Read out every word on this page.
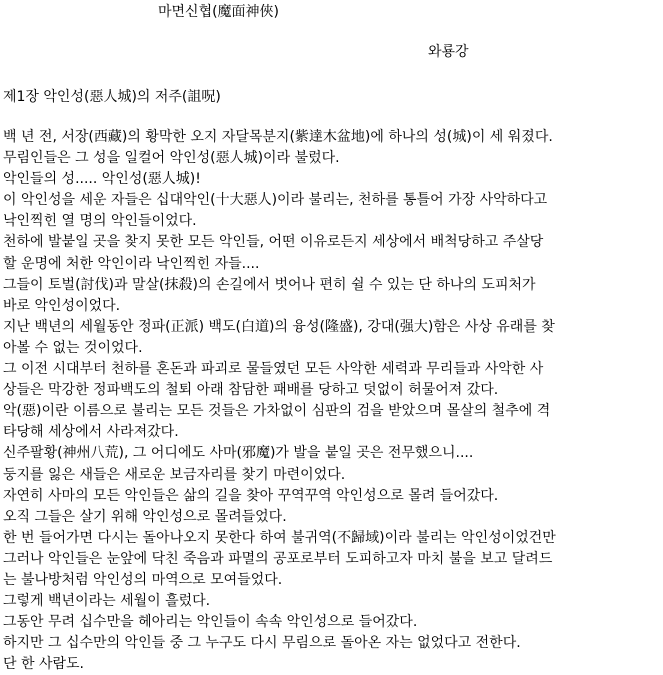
마면신협(魔面神俠)
와룡강
제1장 악인성(惡人城)의 저주(詛呪)
백 년 전, 서장(西藏)의 황막한 오지 자달목분지(紫達木盆地)에 하나의 성(城)이 세 워졌다.
무림인들은 그 성을 일컬어 악인성(惡人城)이라 불렀다.
악인들의 성..... 악인성(惡人城)!
이 악인성을 세운 자들은 십대악인(十大惡人)이라 불리는, 천하를 통틀어 가장 사악하다고
낙인찍힌 열 명의 악인들이었다.
천하에 발붙일 곳을 찾지 못한 모든 악인들, 어떤 이유로든지 세상에서 배척당하고 주살당
할 운명에 처한 악인이라 낙인찍힌 자들....
그들이 토벌(討伐)과 말살(抹殺)의 손길에서 벗어나 편히 쉴 수 있는 단 하나의 도피처가
바로 악인성이었다.
지난 백년의 세월동안 정파(正派) 백도(白道)의 융성(隆盛), 강대(强大)함은 사상 유래를 찾
아볼 수 없는 것이었다.
그 이전 시대부터 천하를 혼돈과 파괴로 물들였던 모든 사악한 세력과 무리들과 사악한 사
상들은 막강한 정파백도의 철퇴 아래 참담한 패배를 당하고 덧없이 허물어져 갔다.
악(惡)이란 이름으로 불리는 모든 것들은 가차없이 심판의 검을 받았으며 몰살의 철추에 격
타당해 세상에서 사라져갔다.
신주팔황(神州八荒), 그 어디에도 사마(邪魔)가 발을 붙일 곳은 전무했으니....
둥지를 잃은 새들은 새로운 보금자리를 찾기 마련이었다.
자연히 사마의 모든 악인들은 삶의 길을 찾아 꾸역꾸역 악인성으로 몰려 들어갔다.
오직 그들은 살기 위해 악인성으로 몰려들었다.
한 번 들어가면 다시는 돌아나오지 못한다 하여 불귀역(不歸域)이라 불리는 악인성이었건만
그러나 악인들은 눈앞에 닥친 죽음과 파멸의 공포로부터 도피하고자 마치 불을 보고 달려드
는 불나방처럼 악인성의 마역으로 모여들었다.
그렇게 백년이라는 세월이 흘렀다.
그동안 무려 십수만을 헤아리는 악인들이 속속 악인성으로 들어갔다.
하지만 그 십수만의 악인들 중 그 누구도 다시 무림으로 돌아온 자는 없었다고 전한다.
단 한 사람도.
